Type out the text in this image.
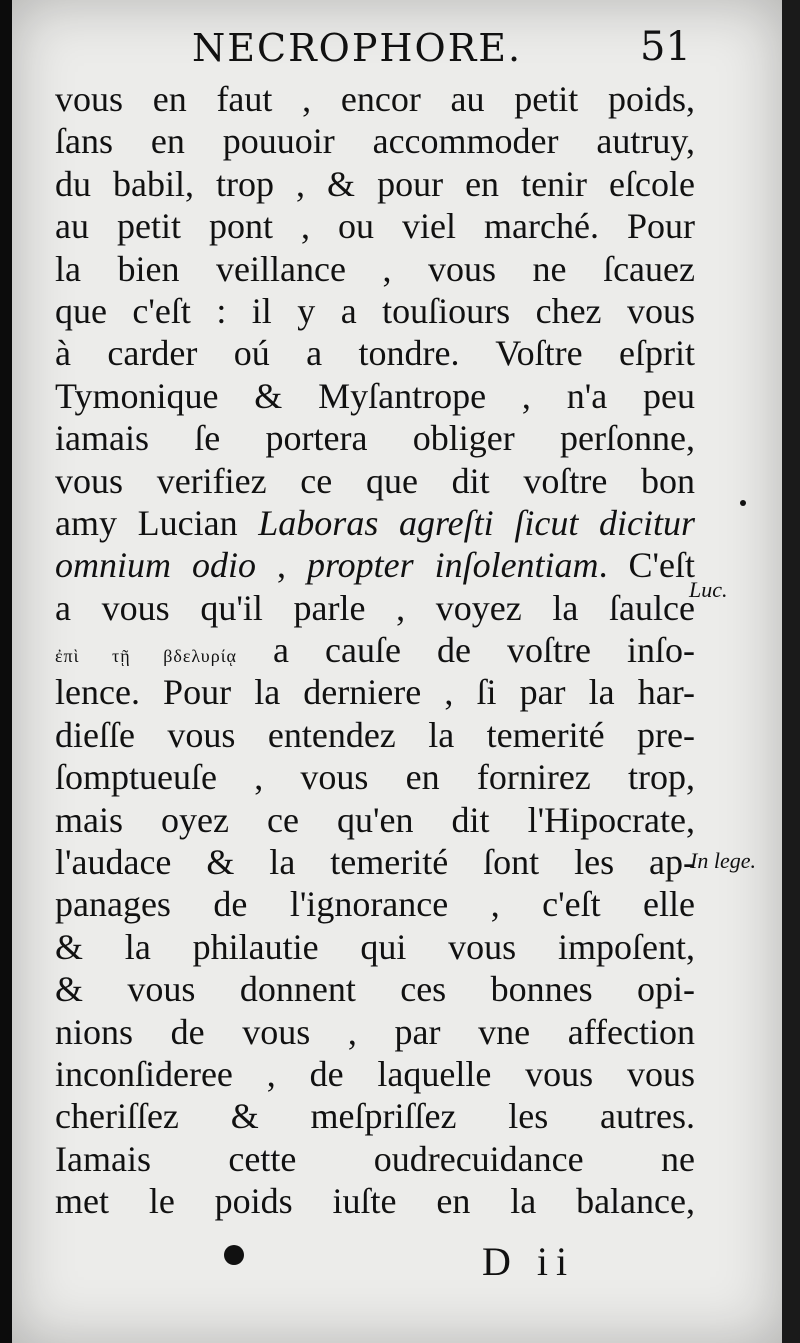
NECROPHORE.	51
vous en faut , encor au petit poids,
ſans en pouuoir accommoder autruy,
du babil, trop , & pour en tenir eſcole
au petit pont , ou viel marché. Pour
la bien veillance , vous ne ſcauez
que c'eſt : il y a touſiours chez vous
à carder oú a tondre. Voſtre eſprit
Tymonique & Myſantrope , n'a peu
iamais ſe portera obliger perſonne,
vous verifiez ce que dit voſtre bon
amy Lucian Laboras agreſti ſicut dicitur
omnium odio , propter inſolentiam. C'eſt
a vous qu'il parle , voyez la ſaulce
ἐπὶ τῇ βδελυρίᾳ a cauſe de voſtre inſo-
lence. Pour la derniere , ſi par la har-
dieſſe vous entendez la temerité pre-
ſomptueuſe , vous en fornirez trop,
mais oyez ce qu'en dit l'Hipocrate,
l'audace & la temerité ſont les ap-
panages de l'ignorance , c'eſt elle
& la philautie qui vous impoſent,
& vous donnent ces bonnes opi-
nions de vous , par vne affection
inconſideree , de laquelle vous vous
cheriſſez & meſpriſſez les autres.
Iamais cette oudrecuidance ne
met le poids iuſte en la balance,
Luc.
In lege.
D ii
